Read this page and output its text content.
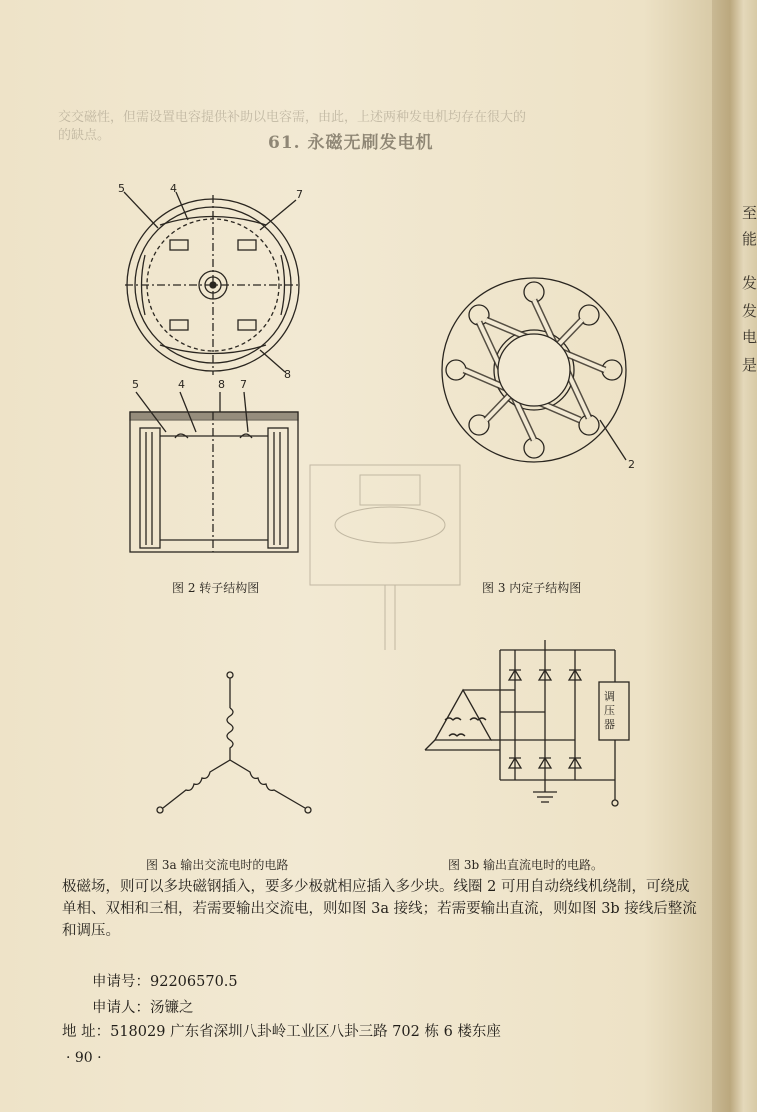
交交磁性，但需设置电容提供补助以电容需，由此，上述两种发电机均存在很大的
的缺点。	61. 永磁无刷发电机
5	4	7
8
5	4	8 7
图 2 转子结构图
2
图 3 内定子结构图
图 3a 输出交流电时的电路
调压器
图 3b 输出直流电时的电路。
极磁场，则可以多块磁钢插入，要多少极就相应插入多少块。线圈 2 可用自动绕线机绕制，可绕成单相、双相和三相，若需要输出交流电，则如图 3a 接线；若需要输出直流，则如图 3b 接线后整流和调压。
申请号：92206570.5
申请人：汤镰之
地 址：518029 广东省深圳八卦岭工业区八卦三路 702 栋 6 楼东座
· 90 ·
至
能
发
发
电
是
